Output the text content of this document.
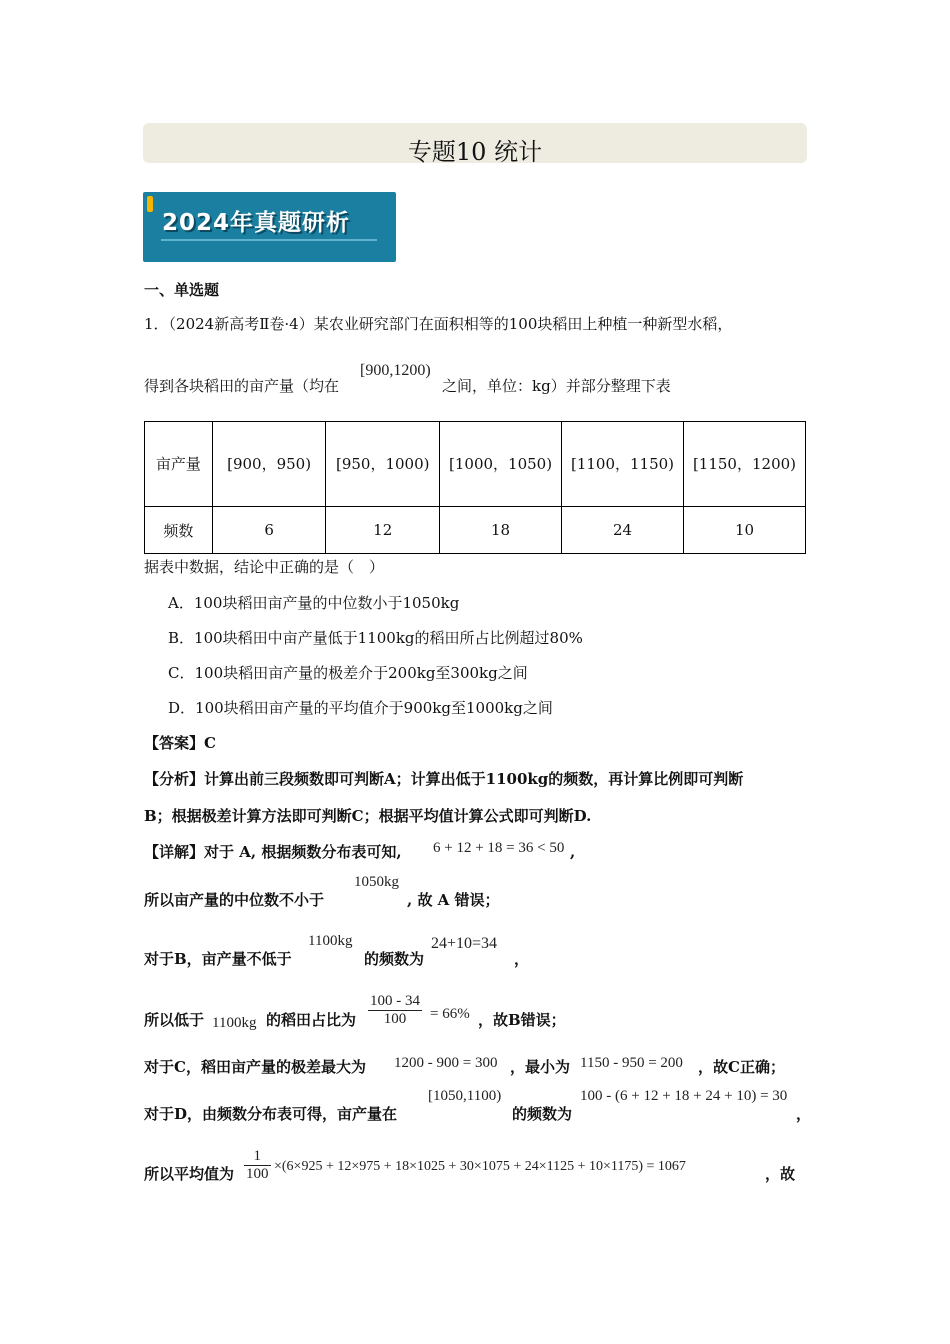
专题10 统计
2024年真题研析
一、单选题
1．（2024新高考Ⅱ卷·4）某农业研究部门在面积相等的100块稻田上种植一种新型水稻，
得到各块稻田的亩产量（均在
[900,1200)
之间，单位：kg）并部分整理下表
亩产量	[900，950)	[950，1000)	[1000，1050)	[1100，1150)	[1150，1200)
频数	6	12	18	24	10
据表中数据，结论中正确的是（　）
A．100块稻田亩产量的中位数小于1050kg
B．100块稻田中亩产量低于1100kg的稻田所占比例超过80%
C．100块稻田亩产量的极差介于200kg至300kg之间
D．100块稻田亩产量的平均值介于900kg至1000kg之间
【答案】C
【分析】计算出前三段频数即可判断A；计算出低于1100kg的频数，再计算比例即可判断
B；根据极差计算方法即可判断C；根据平均值计算公式即可判断D.
【详解】对于 A, 根据频数分布表可知, 6 + 12 + 18 = 36 < 50 ,
所以亩产量的中位数不小于
1050kg
, 故 A 错误；
对于B，亩产量不低于
1100kg
的频数为
24+10=34
，
所以低于 1100kg 的稻田占比为 $\frac{100 - 34}{100} = 66\%$ ，故B错误；
对于C，稻田亩产量的极差最大为 1200 - 900 = 300 ，最小为 1150 - 950 = 200 ，故C正确；
对于D，由频数分布表可得，亩产量在
[1050,1100)
的频数为
100 - (6 + 12 + 18 + 24 + 10) = 30
，
所以平均值为 $\frac{1}{100} \times(6\times 925 + 12\times 975 + 18\times 1025 + 30\times 1075 + 24\times 1125 + 10\times 1175) = 1067$	，故
